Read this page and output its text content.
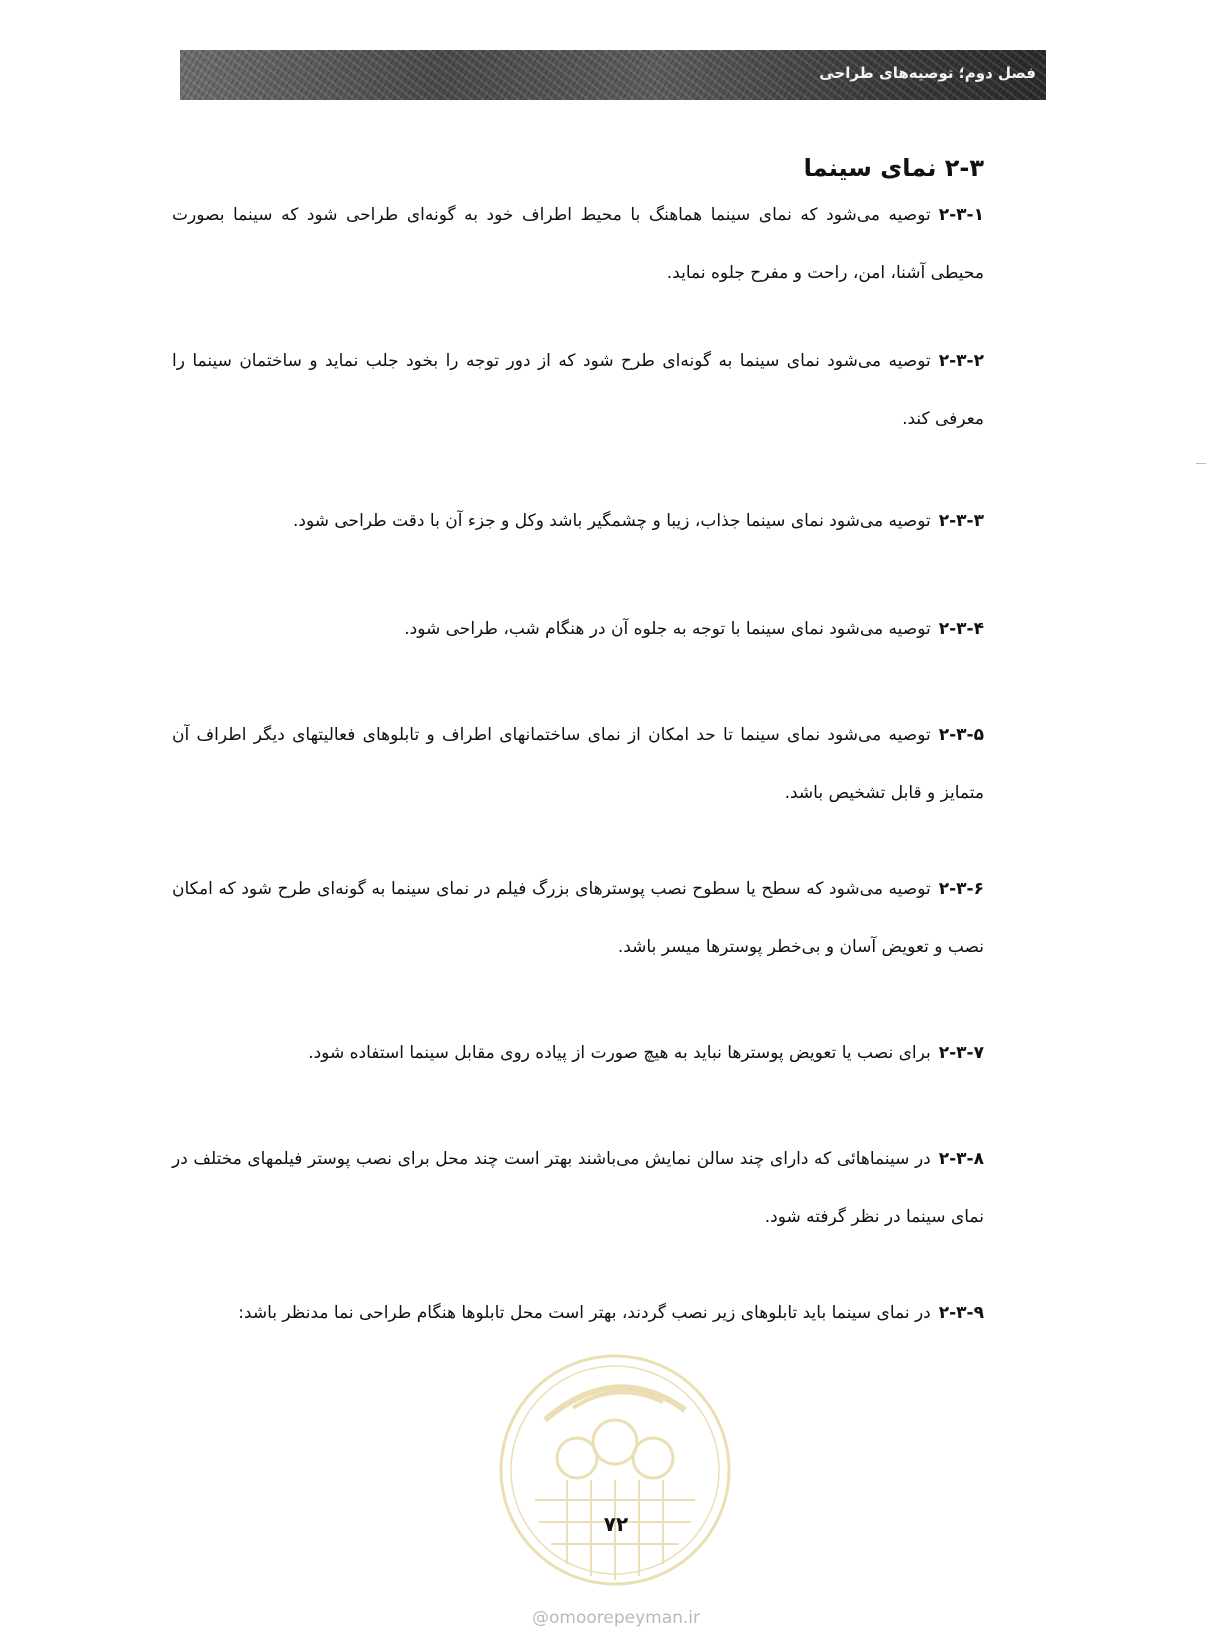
فصل دوم؛ توصیه‌های طراحی
۲-۳ نمای سینما

۲-۳-۱توصیه می‌شود که نمای سینما هماهنگ با محیط اطراف خود به گونه‌ای طراحی شود که سینما بصورت محیطی آشنا، امن، راحت و مفرح جلوه نماید.

۲-۳-۲توصیه می‌شود نمای سینما به گونه‌ای طرح شود که از دور توجه را بخود جلب نماید و ساختمان سینما را معرفی کند.

۲-۳-۳توصیه می‌شود نمای سینما جذاب، زیبا و چشمگیر باشد وکل و جزء آن با دقت طراحی شود.

۲-۳-۴توصیه می‌شود نمای سینما با توجه به جلوه آن در هنگام شب، طراحی شود.

۲-۳-۵توصیه می‌شود نمای سینما تا حد امکان از نمای ساختمانهای اطراف و تابلوهای فعالیتهای دیگر اطراف آن متمایز و قابل تشخیص باشد.

۲-۳-۶توصیه می‌شود که سطح یا سطوح نصب پوسترهای بزرگ فیلم در نمای سینما به گونه‌ای طرح شود که امکان نصب و تعویض آسان و بی‌خطر پوسترها میسر باشد.

۲-۳-۷برای نصب یا تعویض پوسترها نباید به هیچ صورت از پیاده روی مقابل سینما استفاده شود.

۲-۳-۸در سینماهائی که دارای چند سالن نمایش می‌باشند بهتر است چند محل برای نصب پوستر فیلمهای مختلف در نمای سینما در نظر گرفته شود.

۲-۳-۹در نمای سینما باید تابلوهای زیر نصب گردند، بهتر است محل تابلوها هنگام طراحی نما مدنظر باشد:

۷۲
@omoorepeyman.ir
